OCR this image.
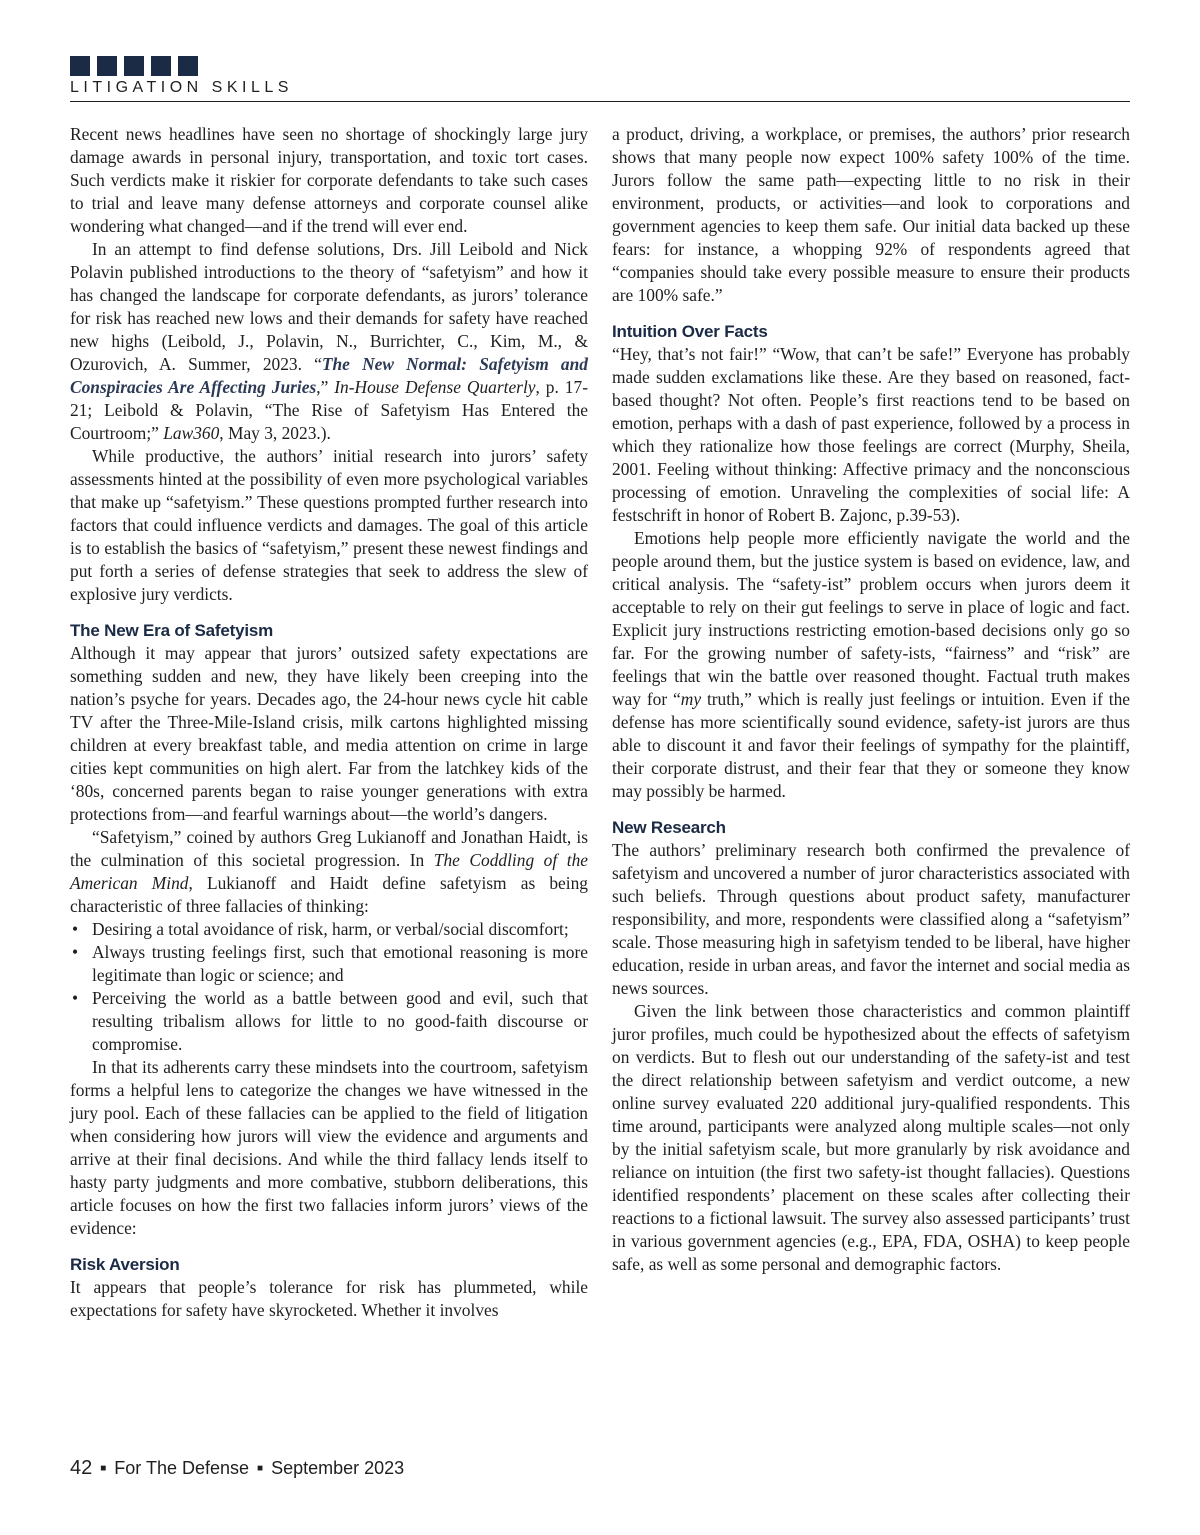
LITIGATION SKILLS

Recent news headlines have seen no shortage of shockingly large jury damage awards in personal injury, transportation, and toxic tort cases. Such verdicts make it riskier for corporate defendants to take such cases to trial and leave many defense attorneys and corporate counsel alike wondering what changed—and if the trend will ever end.

In an attempt to find defense solutions, Drs. Jill Leibold and Nick Polavin published introductions to the theory of “safetyism” and how it has changed the landscape for corporate defendants, as jurors’ tolerance for risk has reached new lows and their demands for safety have reached new highs (Leibold, J., Polavin, N., Burrichter, C., Kim, M., & Ozurovich, A. Summer, 2023. “The New Normal: Safetyism and Conspiracies Are Affecting Juries,” In-House Defense Quarterly, p. 17-21; Leibold & Polavin, “The Rise of Safetyism Has Entered the Courtroom;” Law360, May 3, 2023.).

While productive, the authors’ initial research into jurors’ safety assessments hinted at the possibility of even more psychological variables that make up “safetyism.” These questions prompted further research into factors that could influence verdicts and damages. The goal of this article is to establish the basics of “safetyism,” present these newest findings and put forth a series of defense strategies that seek to address the slew of explosive jury verdicts.

The New Era of Safetyism

Although it may appear that jurors’ outsized safety expectations are something sudden and new, they have likely been creeping into the nation’s psyche for years. Decades ago, the 24-hour news cycle hit cable TV after the Three-Mile-Island crisis, milk cartons highlighted missing children at every breakfast table, and media attention on crime in large cities kept communities on high alert. Far from the latchkey kids of the ‘80s, concerned parents began to raise younger generations with extra protections from—and fearful warnings about—the world’s dangers.

“Safetyism,” coined by authors Greg Lukianoff and Jonathan Haidt, is the culmination of this societal progression. In The Coddling of the American Mind, Lukianoff and Haidt define safetyism as being characteristic of three fallacies of thinking:

• Desiring a total avoidance of risk, harm, or verbal/social discomfort;
• Always trusting feelings first, such that emotional reasoning is more legitimate than logic or science; and
• Perceiving the world as a battle between good and evil, such that resulting tribalism allows for little to no good-faith discourse or compromise.

In that its adherents carry these mindsets into the courtroom, safetyism forms a helpful lens to categorize the changes we have witnessed in the jury pool. Each of these fallacies can be applied to the field of litigation when considering how jurors will view the evidence and arguments and arrive at their final decisions. And while the third fallacy lends itself to hasty party judgments and more combative, stubborn deliberations, this article focuses on how the first two fallacies inform jurors’ views of the evidence:

Risk Aversion

It appears that people’s tolerance for risk has plummeted, while expectations for safety have skyrocketed. Whether it involves

a product, driving, a workplace, or premises, the authors’ prior research shows that many people now expect 100% safety 100% of the time. Jurors follow the same path—expecting little to no risk in their environment, products, or activities—and look to corporations and government agencies to keep them safe. Our initial data backed up these fears: for instance, a whopping 92% of respondents agreed that “companies should take every possible measure to ensure their products are 100% safe.”

Intuition Over Facts

“Hey, that’s not fair!” “Wow, that can’t be safe!” Everyone has probably made sudden exclamations like these. Are they based on reasoned, fact-based thought? Not often. People’s first reactions tend to be based on emotion, perhaps with a dash of past experience, followed by a process in which they rationalize how those feelings are correct (Murphy, Sheila, 2001. Feeling without thinking: Affective primacy and the nonconscious processing of emotion. Unraveling the complexities of social life: A festschrift in honor of Robert B. Zajonc, p.39-53).

Emotions help people more efficiently navigate the world and the people around them, but the justice system is based on evidence, law, and critical analysis. The “safety-ist” problem occurs when jurors deem it acceptable to rely on their gut feelings to serve in place of logic and fact. Explicit jury instructions restricting emotion-based decisions only go so far. For the growing number of safety-ists, “fairness” and “risk” are feelings that win the battle over reasoned thought. Factual truth makes way for “my truth,” which is really just feelings or intuition. Even if the defense has more scientifically sound evidence, safety-ist jurors are thus able to discount it and favor their feelings of sympathy for the plaintiff, their corporate distrust, and their fear that they or someone they know may possibly be harmed.

New Research

The authors’ preliminary research both confirmed the prevalence of safetyism and uncovered a number of juror characteristics associated with such beliefs. Through questions about product safety, manufacturer responsibility, and more, respondents were classified along a “safetyism” scale. Those measuring high in safetyism tended to be liberal, have higher education, reside in urban areas, and favor the internet and social media as news sources.

Given the link between those characteristics and common plaintiff juror profiles, much could be hypothesized about the effects of safetyism on verdicts. But to flesh out our understanding of the safety-ist and test the direct relationship between safetyism and verdict outcome, a new online survey evaluated 220 additional jury-qualified respondents. This time around, participants were analyzed along multiple scales—not only by the initial safetyism scale, but more granularly by risk avoidance and reliance on intuition (the first two safety-ist thought fallacies). Questions identified respondents’ placement on these scales after collecting their reactions to a fictional lawsuit. The survey also assessed participants’ trust in various government agencies (e.g., EPA, FDA, OSHA) to keep people safe, as well as some personal and demographic factors.

42 ■ For The Defense ■ September 2023
